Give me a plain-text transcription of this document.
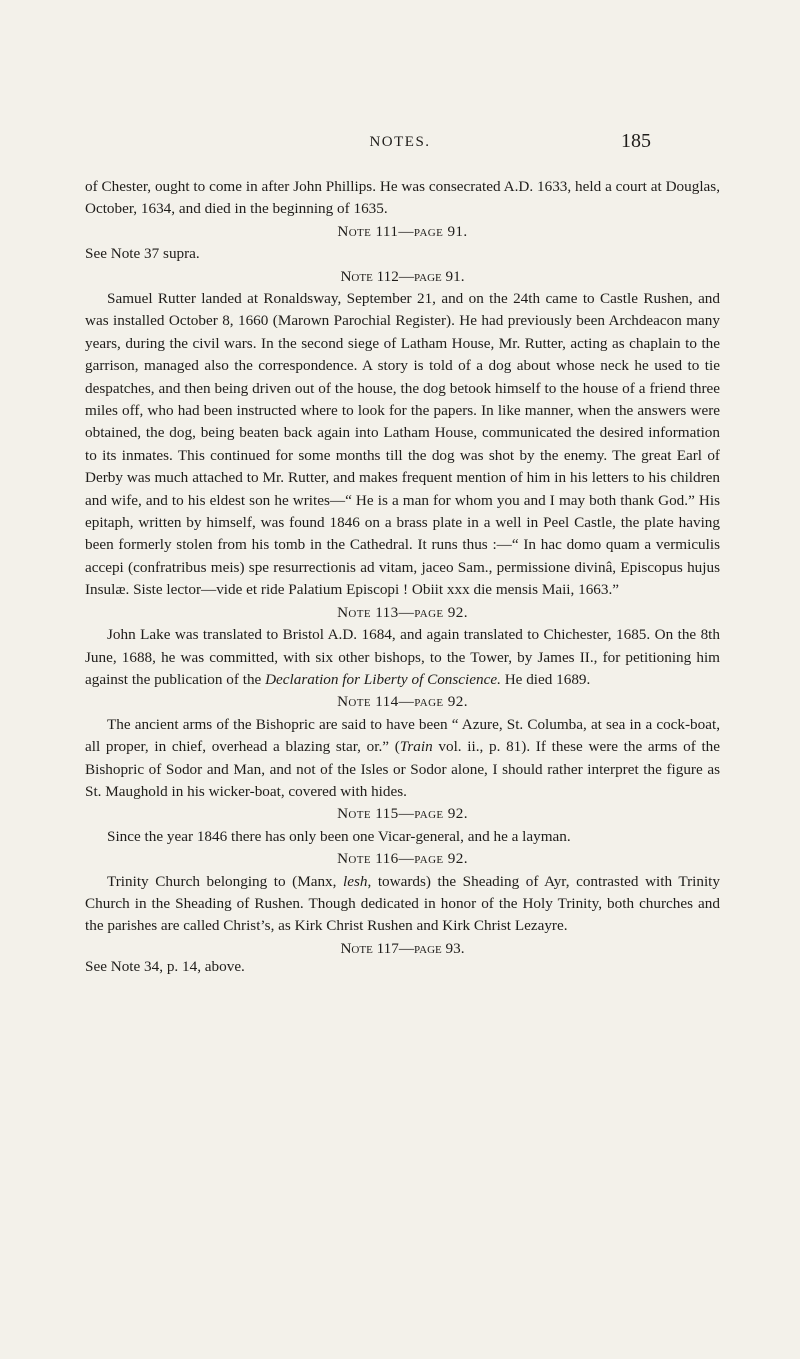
NOTES.	185

of Chester, ought to come in after John Phillips. He was consecrated A.D. 1633, held a court at Douglas, October, 1634, and died in the beginning of 1635.

Note 111—page 91.

See Note 37 supra.

Note 112—page 91.

Samuel Rutter landed at Ronaldsway, September 21, and on the 24th came to Castle Rushen, and was installed October 8, 1660 (Marown Parochial Register). He had previously been Archdeacon many years, during the civil wars. In the second siege of Latham House, Mr. Rutter, acting as chaplain to the garrison, managed also the correspondence. A story is told of a dog about whose neck he used to tie despatches, and then being driven out of the house, the dog betook himself to the house of a friend three miles off, who had been instructed where to look for the papers. In like manner, when the answers were obtained, the dog, being beaten back again into Latham House, communicated the desired information to its inmates. This continued for some months till the dog was shot by the enemy. The great Earl of Derby was much attached to Mr. Rutter, and makes frequent mention of him in his letters to his children and wife, and to his eldest son he writes—“ He is a man for whom you and I may both thank God.” His epitaph, written by himself, was found 1846 on a brass plate in a well in Peel Castle, the plate having been formerly stolen from his tomb in the Cathedral. It runs thus :—“ In hac domo quam a vermiculis accepi (confratribus meis) spe resurrectionis ad vitam, jaceo Sam., permissione divinâ, Episcopus hujus Insulæ. Siste lector—vide et ride Palatium Episcopi ! Obiit xxx die mensis Maii, 1663.”

Note 113—page 92.

John Lake was translated to Bristol A.D. 1684, and again translated to Chichester, 1685. On the 8th June, 1688, he was committed, with six other bishops, to the Tower, by James II., for petitioning him against the publication of the Declaration for Liberty of Conscience. He died 1689.

Note 114—page 92.

The ancient arms of the Bishopric are said to have been “ Azure, St. Columba, at sea in a cock-boat, all proper, in chief, overhead a blazing star, or.” (Train vol. ii., p. 81). If these were the arms of the Bishopric of Sodor and Man, and not of the Isles or Sodor alone, I should rather interpret the figure as St. Maughold in his wicker-boat, covered with hides.

Note 115—page 92.

Since the year 1846 there has only been one Vicar-general, and he a layman.

Note 116—page 92.

Trinity Church belonging to (Manx, lesh, towards) the Sheading of Ayr, contrasted with Trinity Church in the Sheading of Rushen. Though dedicated in honor of the Holy Trinity, both churches and the parishes are called Christ’s, as Kirk Christ Rushen and Kirk Christ Lezayre.

Note 117—page 93.

See Note 34, p. 14, above.
